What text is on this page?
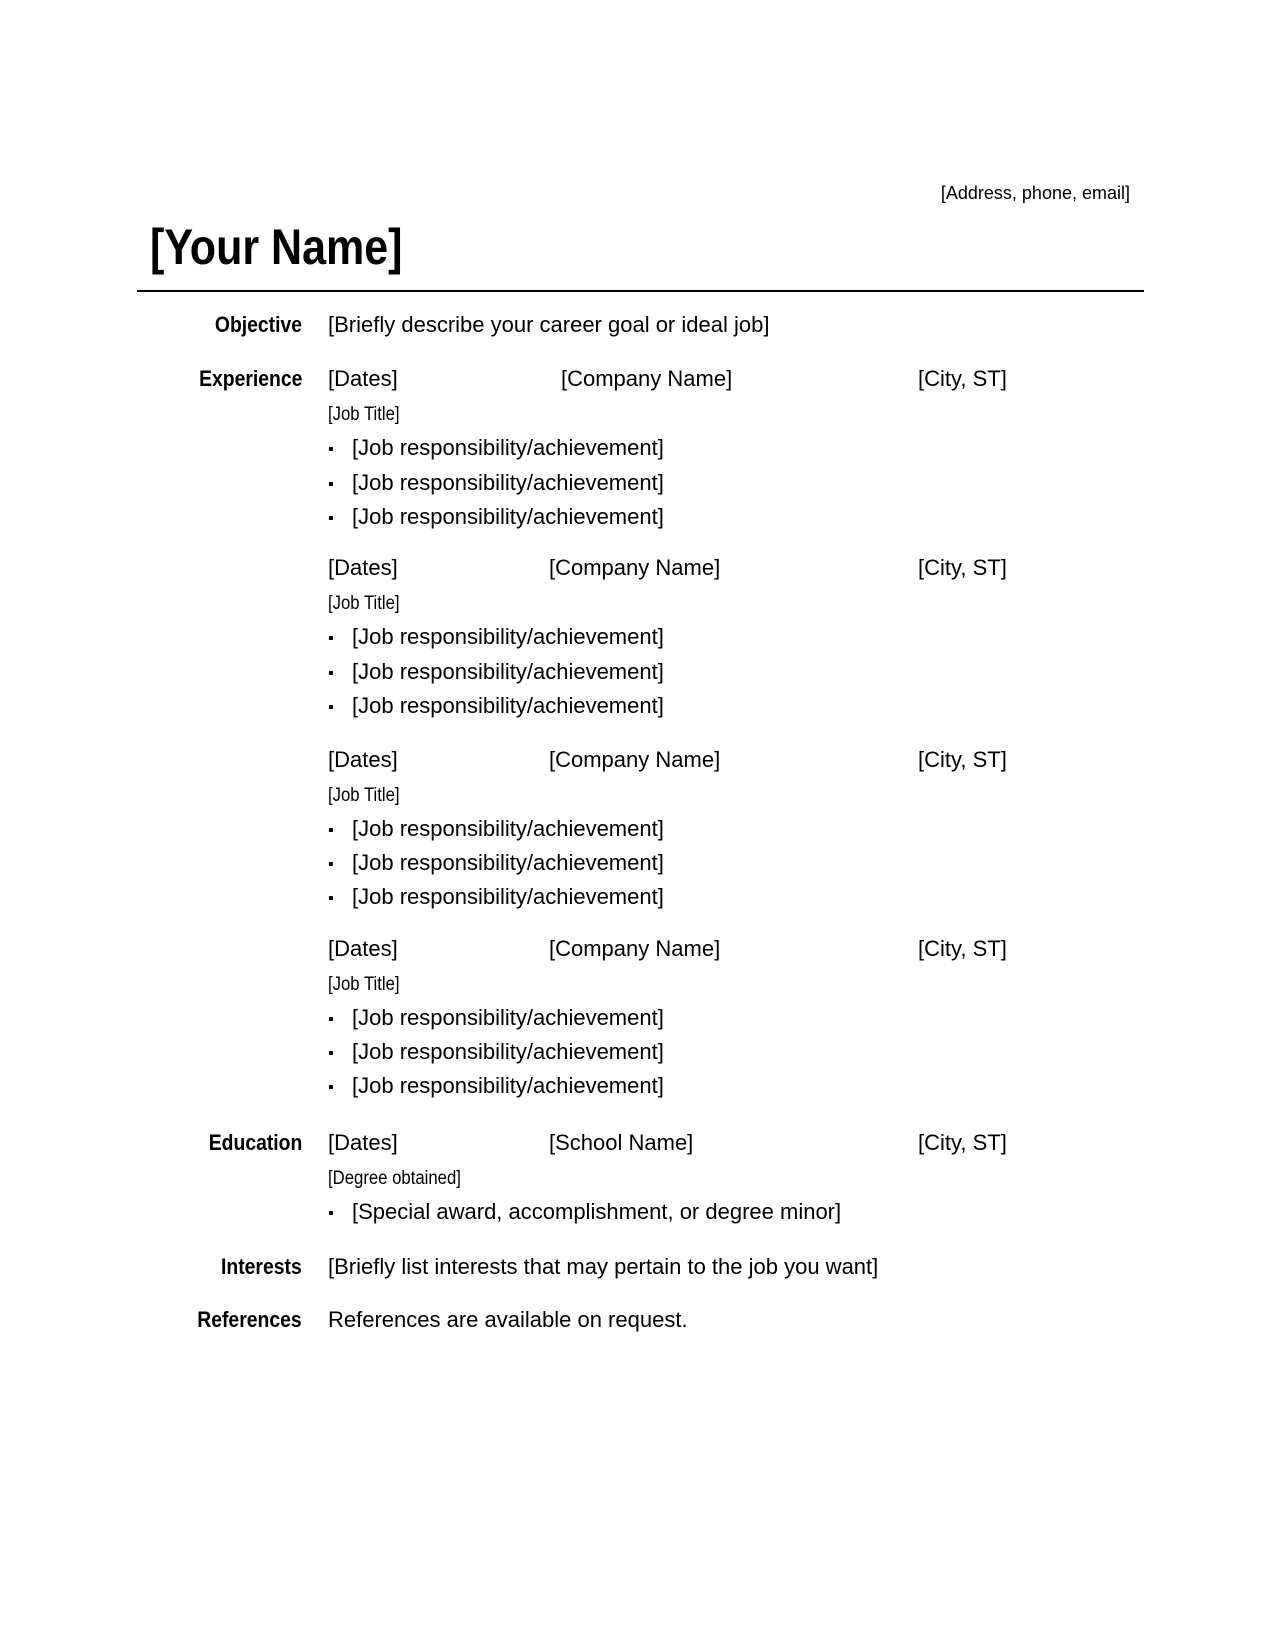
[Address, phone, email]
[Your Name]
Objective [Briefly describe your career goal or ideal job]
Experience [Dates]	[Company Name]	[City, ST]
[Job Title]
▪ [Job responsibility/achievement]
▪ [Job responsibility/achievement]
▪ [Job responsibility/achievement]
[Dates]	[Company Name]	[City, ST]
[Job Title]
▪ [Job responsibility/achievement]
▪ [Job responsibility/achievement]
▪ [Job responsibility/achievement]
[Dates]	[Company Name]	[City, ST]
[Job Title]
▪ [Job responsibility/achievement]
▪ [Job responsibility/achievement]
▪ [Job responsibility/achievement]
[Dates]	[Company Name]	[City, ST]
[Job Title]
▪ [Job responsibility/achievement]
▪ [Job responsibility/achievement]
▪ [Job responsibility/achievement]
Education [Dates]	[School Name]	[City, ST]
[Degree obtained]
▪ [Special award, accomplishment, or degree minor]
Interests [Briefly list interests that may pertain to the job you want]
References References are available on request.
